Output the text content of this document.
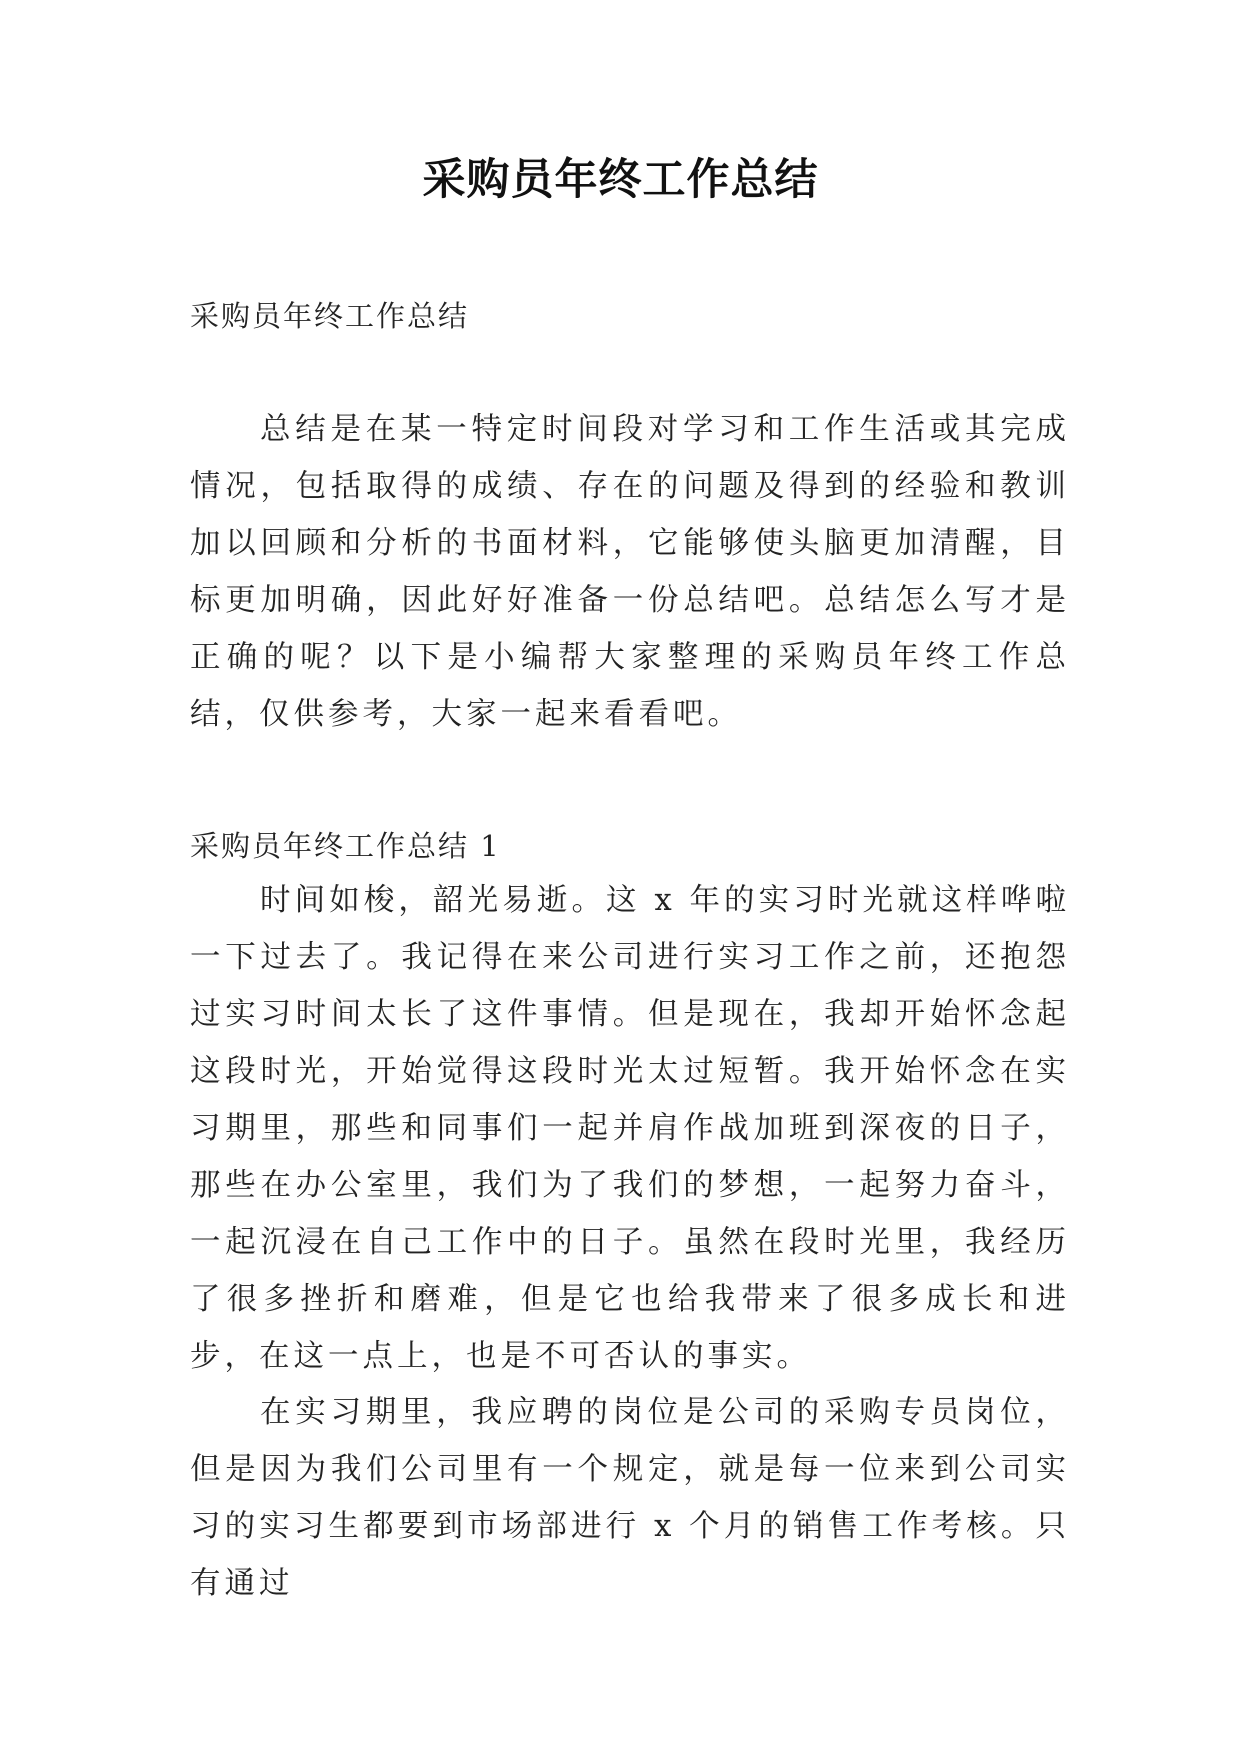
采购员年终工作总结

采购员年终工作总结

总结是在某一特定时间段对学习和工作生活或其完成情况，包括取得的成绩、存在的问题及得到的经验和教训加以回顾和分析的书面材料，它能够使头脑更加清醒，目标更加明确，因此好好准备一份总结吧。总结怎么写才是正确的呢？以下是小编帮大家整理的采购员年终工作总结，仅供参考，大家一起来看看吧。

采购员年终工作总结 1

时间如梭，韶光易逝。这 x 年的实习时光就这样哗啦一下过去了。我记得在来公司进行实习工作之前，还抱怨过实习时间太长了这件事情。但是现在，我却开始怀念起这段时光，开始觉得这段时光太过短暂。我开始怀念在实习期里，那些和同事们一起并肩作战加班到深夜的日子，那些在办公室里，我们为了我们的梦想，一起努力奋斗，一起沉浸在自己工作中的日子。虽然在段时光里，我经历了很多挫折和磨难，但是它也给我带来了很多成长和进步，在这一点上，也是不可否认的事实。

在实习期里，我应聘的岗位是公司的采购专员岗位，但是因为我们公司里有一个规定，就是每一位来到公司实习的实习生都要到市场部进行 x 个月的销售工作考核。只有通过
